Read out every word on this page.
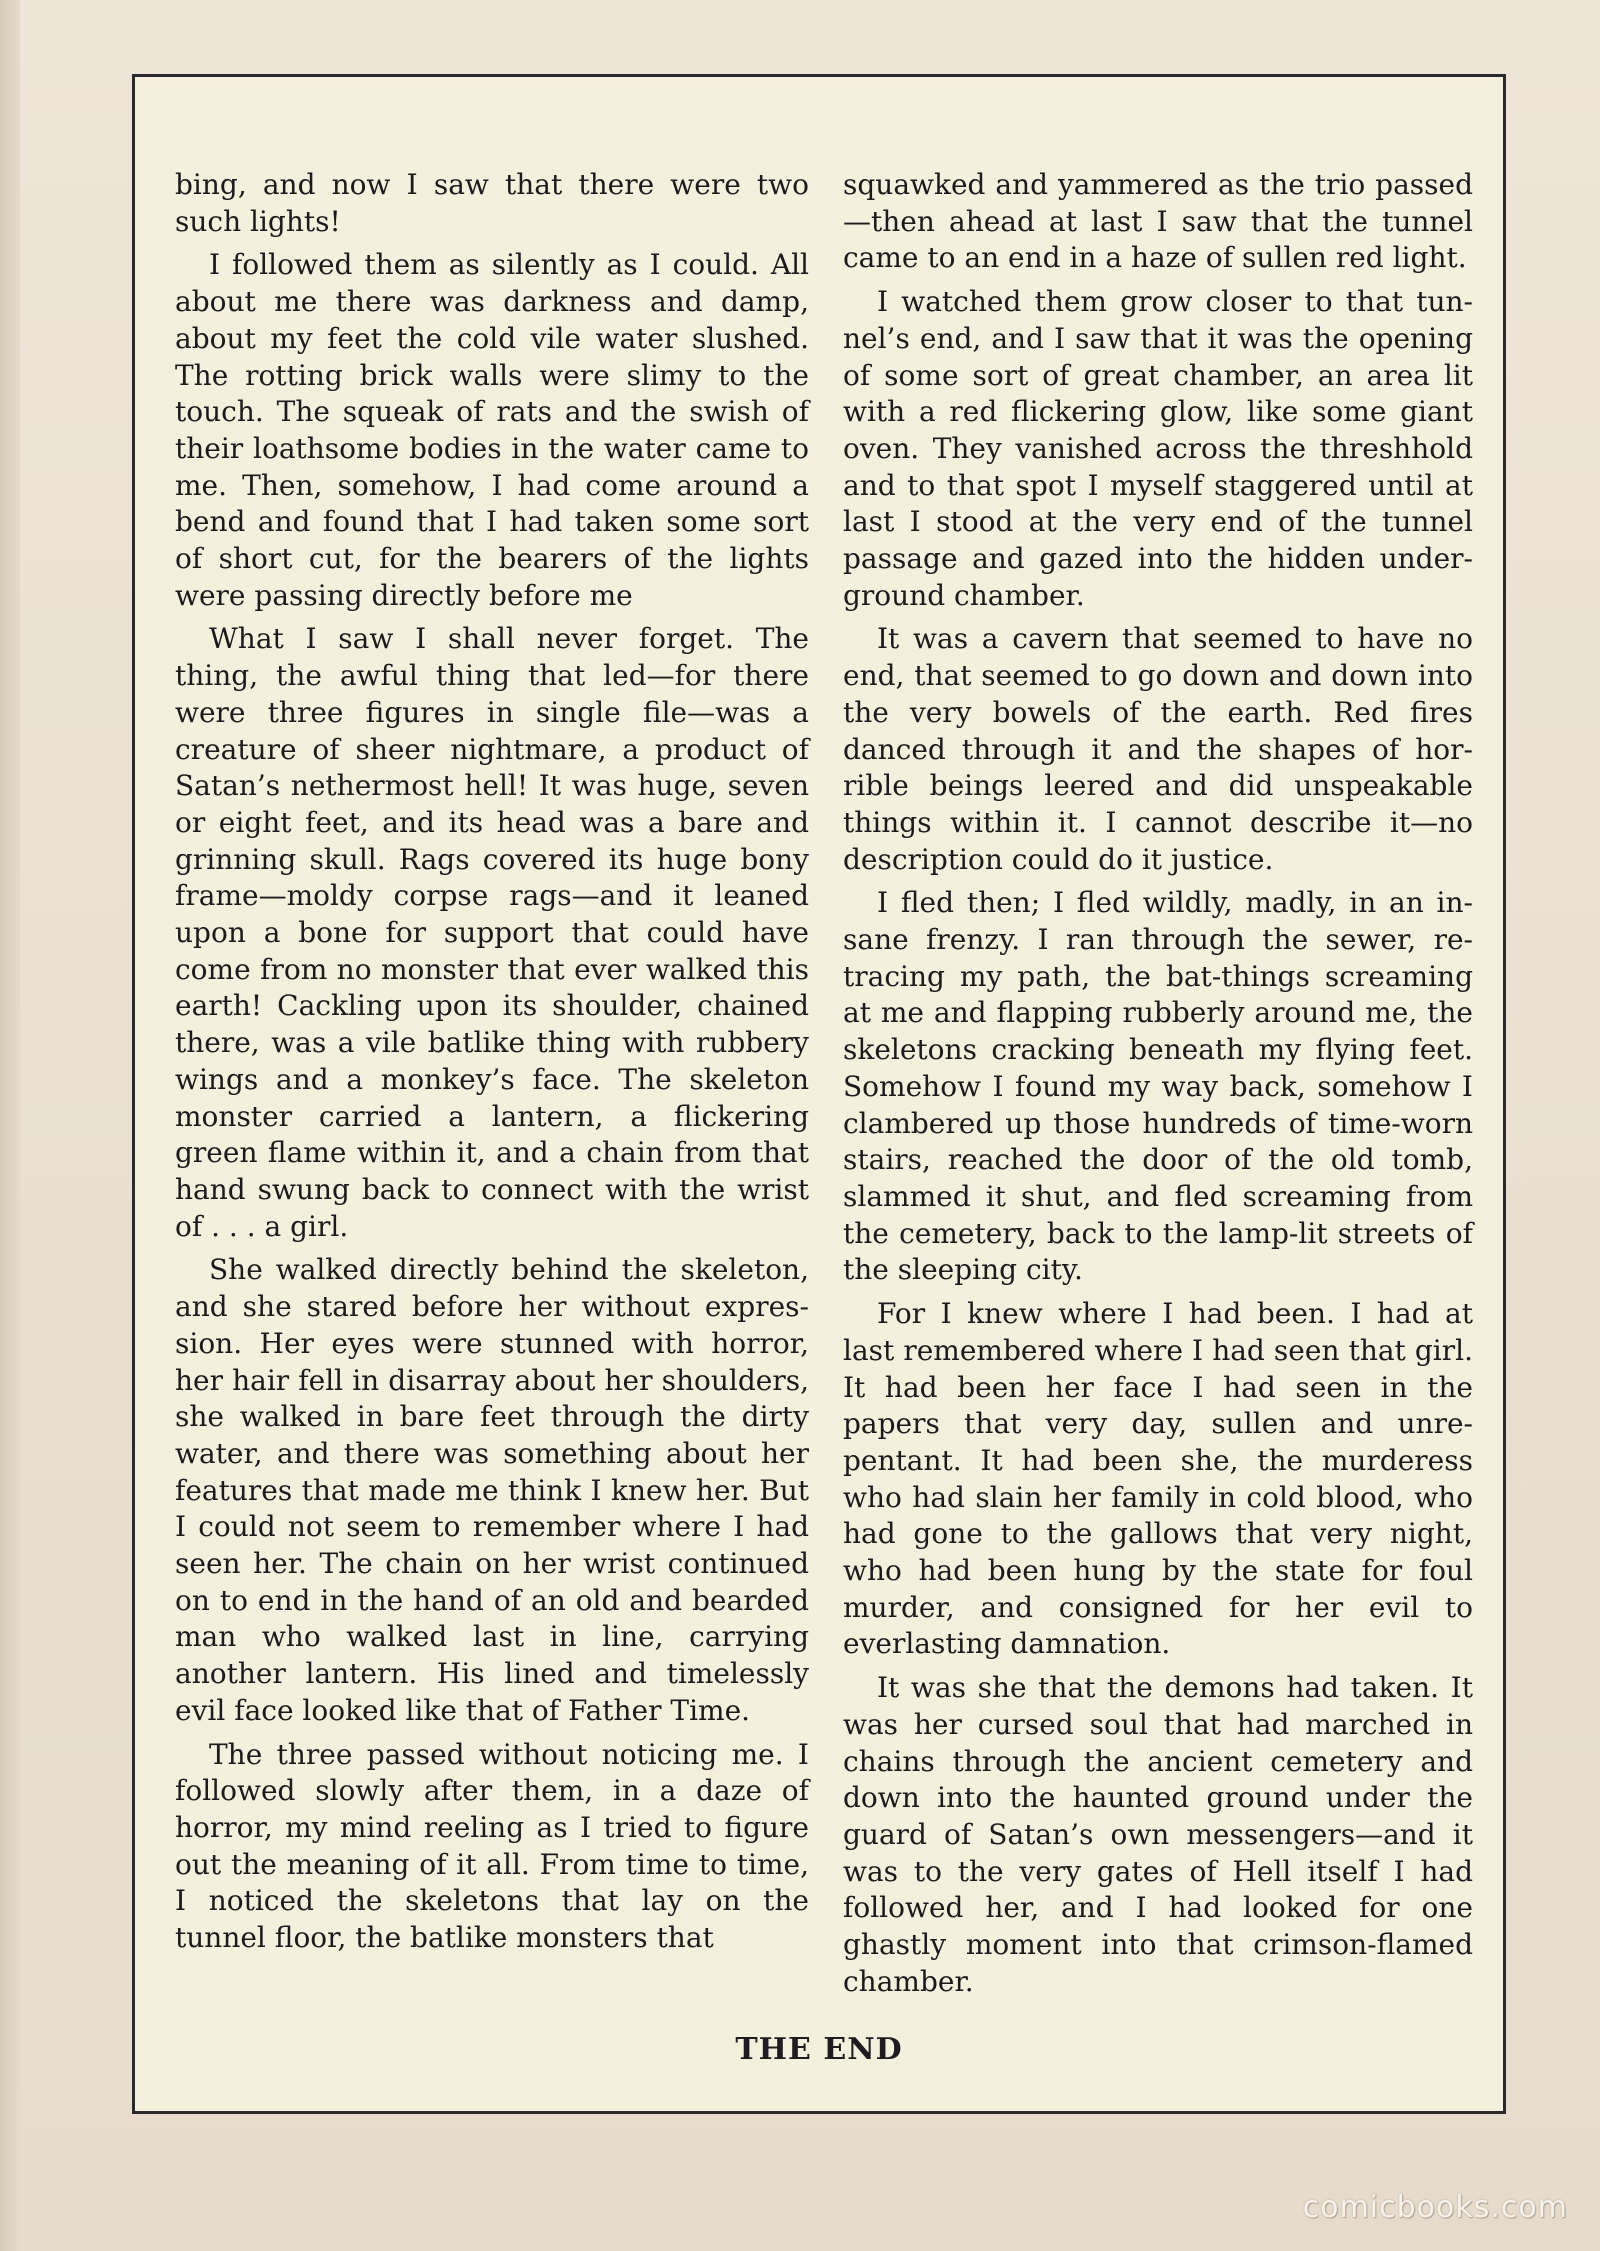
bing, and now I saw that there were two such lights!

I followed them as silently as I could. All about me there was darkness and damp, about my feet the cold vile water slushed. The rotting brick walls were slimy to the touch. The squeak of rats and the swish of their loathsome bodies in the water came to me. Then, somehow, I had come around a bend and found that I had taken some sort of short cut, for the bearers of the lights were passing directly before me

What I saw I shall never forget. The thing, the awful thing that led—for there were three figures in single file—was a creature of sheer nightmare, a product of Satan’s nethermost hell! It was huge, seven or eight feet, and its head was a bare and grinning skull. Rags covered its huge bony frame—moldy corpse rags—and it leaned upon a bone for support that could have come from no monster that ever walked this earth! Cackling upon its shoulder, chained there, was a vile batlike thing with rubbery wings and a monkey’s face. The skeleton monster carried a lantern, a flickering green flame within it, and a chain from that hand swung back to connect with the wrist of . . . a girl.

She walked directly behind the skeleton, and she stared before her without expression. Her eyes were stunned with horror, her hair fell in disarray about her shoulders, she walked in bare feet through the dirty water, and there was something about her features that made me think I knew her. But I could not seem to remember where I had seen her. The chain on her wrist continued on to end in the hand of an old and bearded man who walked last in line, carrying another lantern. His lined and timelessly evil face looked like that of Father Time.

The three passed without noticing me. I followed slowly after them, in a daze of horror, my mind reeling as I tried to figure out the meaning of it all. From time to time, I noticed the skeletons that lay on the tunnel floor, the batlike monsters that

squawked and yammered as the trio passed —then ahead at last I saw that the tunnel came to an end in a haze of sullen red light.

I watched them grow closer to that tunnel’s end, and I saw that it was the opening of some sort of great chamber, an area lit with a red flickering glow, like some giant oven. They vanished across the threshhold and to that spot I myself staggered until at last I stood at the very end of the tunnel passage and gazed into the hidden underground chamber.

It was a cavern that seemed to have no end, that seemed to go down and down into the very bowels of the earth. Red fires danced through it and the shapes of horrible beings leered and did unspeakable things within it. I cannot describe it—no description could do it justice.

I fled then; I fled wildly, madly, in an insane frenzy. I ran through the sewer, retracing my path, the bat-things screaming at me and flapping rubberly around me, the skeletons cracking beneath my flying feet. Somehow I found my way back, somehow I clambered up those hundreds of time-worn stairs, reached the door of the old tomb, slammed it shut, and fled screaming from the cemetery, back to the lamp-lit streets of the sleeping city.

For I knew where I had been. I had at last remembered where I had seen that girl. It had been her face I had seen in the papers that very day, sullen and unrepentant. It had been she, the murderess who had slain her family in cold blood, who had gone to the gallows that very night, who had been hung by the state for foul murder, and consigned for her evil to everlasting damnation.

It was she that the demons had taken. It was her cursed soul that had marched in chains through the ancient cemetery and down into the haunted ground under the guard of Satan’s own messengers—and it was to the very gates of Hell itself I had followed her, and I had looked for one ghastly moment into that crimson-flamed chamber.

THE END
comicbooks.com
